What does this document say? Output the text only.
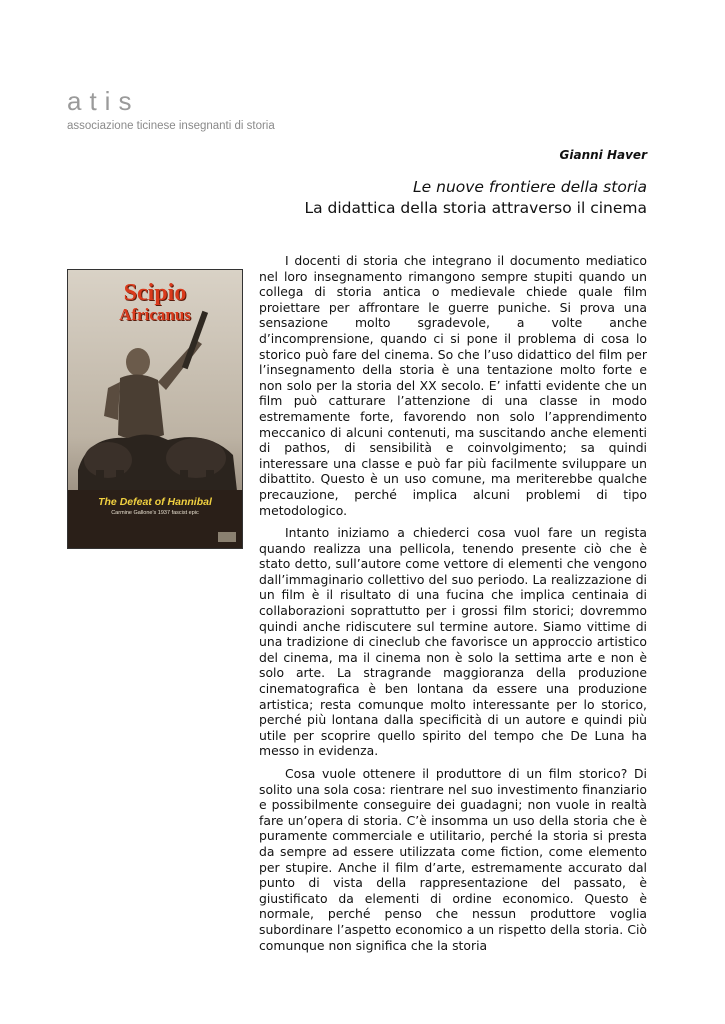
atis
associazione ticinese insegnanti di storia
Gianni Haver
Le nuove frontiere della storia
La didattica della storia attraverso il cinema
Scipio
Africanus
The Defeat of Hannibal
Carmine Gallone's 1937 fascist epic

I docenti di storia che integrano il documento mediatico nel loro insegnamento rimangono sempre stupiti quando un collega di storia antica o medievale chiede quale film proiettare per affrontare le guerre puniche. Si prova una sensazione molto sgradevole, a volte anche d’incomprensione, quando ci si pone il problema di cosa lo storico può fare del cinema. So che l’uso didattico del film per l’insegnamento della storia è una tentazione molto forte e non solo per la storia del XX secolo. E’ infatti evidente che un film può catturare l’attenzione di una classe in modo estremamente forte, favorendo non solo l’apprendimento meccanico di alcuni contenuti, ma suscitando anche elementi di pathos, di sensibilità e coinvolgimento; sa quindi interessare una classe e può far più facilmente sviluppare un dibattito. Questo è un uso comune, ma meriterebbe qualche precauzione, perché implica alcuni problemi di tipo metodologico.

Intanto iniziamo a chiederci cosa vuol fare un regista quando realizza una pellicola, tenendo presente ciò che è stato detto, sull’autore come vettore di elementi che vengono dall’immaginario collettivo del suo periodo. La realizzazione di un film è il risultato di una fucina che implica centinaia di collaborazioni soprattutto per i grossi film storici; dovremmo quindi anche ridiscutere sul termine autore. Siamo vittime di una tradizione di cineclub che favorisce un approccio artistico del cinema, ma il cinema non è solo la settima arte e non è solo arte. La stragrande maggioranza della produzione cinematografica è ben lontana da essere una produzione artistica; resta comunque molto interessante per lo storico, perché più lontana dalla specificità di un autore e quindi più utile per scoprire quello spirito del tempo che De Luna ha messo in evidenza.

Cosa vuole ottenere il produttore di un film storico? Di solito una sola cosa: rientrare nel suo investimento finanziario e possibilmente conseguire dei guadagni; non vuole in realtà fare un’opera di storia. C’è insomma un uso della storia che è puramente commerciale e utilitario, perché la storia si presta da sempre ad essere utilizzata come fiction, come elemento per stupire. Anche il film d’arte, estremamente accurato dal punto di vista della rappresentazione del passato, è giustificato da elementi di ordine economico. Questo è normale, perché penso che nessun produttore voglia subordinare l’aspetto economico a un rispetto della storia. Ciò comunque non significa che la storia
